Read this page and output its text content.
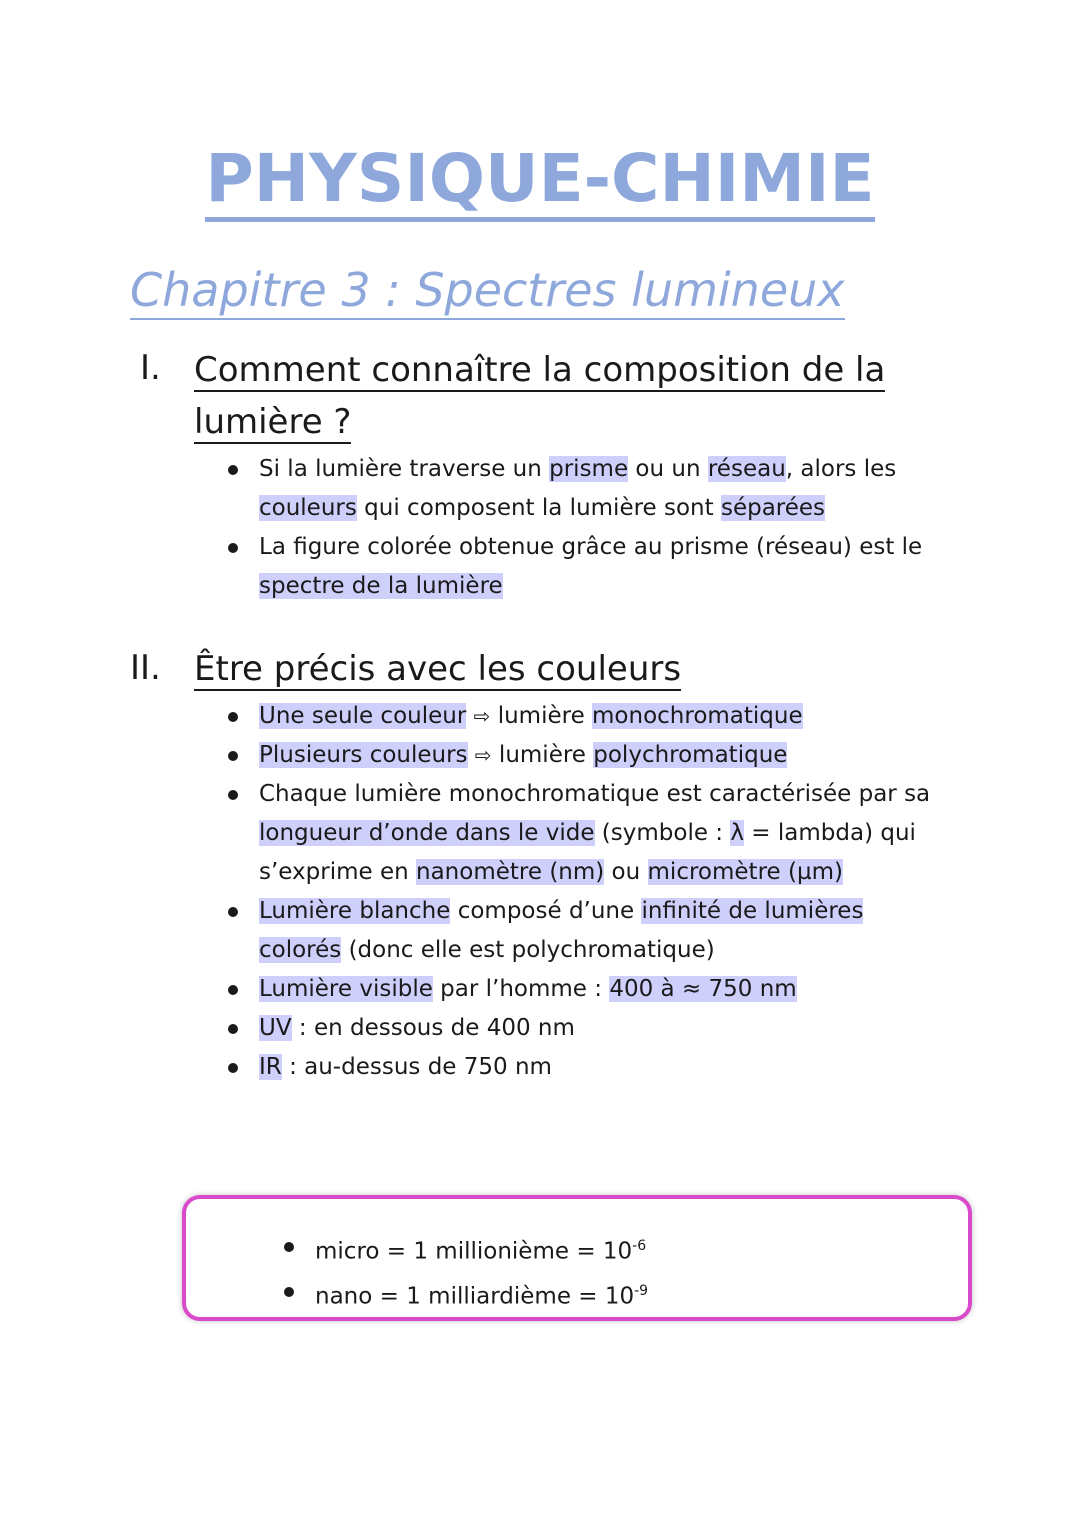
PHYSIQUE-CHIMIE
Chapitre 3 : Spectres lumineux
I. Comment connaître la composition de la
lumière ?
Si la lumière traverse un prisme ou un réseau, alors les
couleurs qui composent la lumière sont séparées
La figure colorée obtenue grâce au prisme (réseau) est le
spectre de la lumière
II. Être précis avec les couleurs
Une seule couleur ⇨ lumière monochromatique
Plusieurs couleurs ⇨ lumière polychromatique
Chaque lumière monochromatique est caractérisée par sa
longueur d’onde dans le vide (symbole : λ = lambda) qui
s’exprime en nanomètre (nm) ou micromètre (µm)
Lumière blanche composé d’une infinité de lumières
colorés (donc elle est polychromatique)
Lumière visible par l’homme : 400 à ≈ 750 nm
UV : en dessous de 400 nm
IR : au-dessus de 750 nm
micro = 1 millionième = $10^{-6}$
nano = 1 milliardième = $10^{-9}$
